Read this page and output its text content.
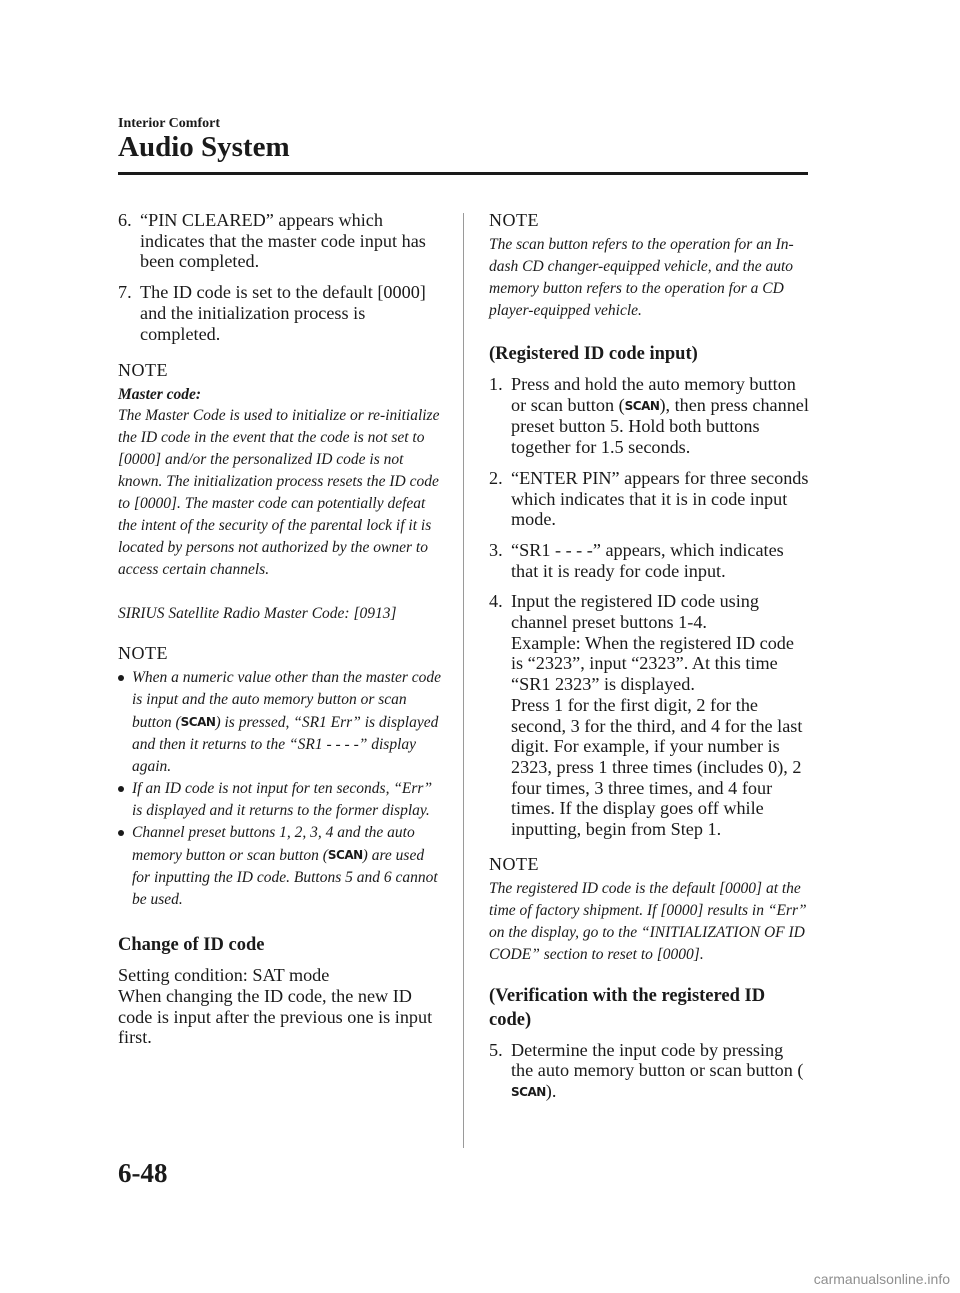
Interior Comfort
Audio System
6. “PIN CLEARED” appears which indicates that the master code input has been completed.
7. The ID code is set to the default [0000] and the initialization process is completed.
NOTE
Master code:

The Master Code is used to initialize or re-initialize the ID code in the event that the code is not set to [0000] and/or the personalized ID code is not known. The initialization process resets the ID code to [0000]. The master code can potentially defeat the intent of the security of the parental lock if it is located by persons not authorized by the owner to access certain channels.

SIRIUS Satellite Radio Master Code: [0913]

NOTE
When a numeric value other than the master code is input and the auto memory button or scan button (SCAN) is pressed, “SR1 Err” is displayed and then it returns to the “SR1 - - - -” display again.
If an ID code is not input for ten seconds, “Err” is displayed and it returns to the former display.
Channel preset buttons 1, 2, 3, 4 and the auto memory button or scan button (SCAN) are used for inputting the ID code. Buttons 5 and 6 cannot be used.
Change of ID code

Setting condition: SAT mode

When changing the ID code, the new ID code is input after the previous one is input first.

NOTE

The scan button refers to the operation for an In-dash CD changer-equipped vehicle, and the auto memory button refers to the operation for a CD player-equipped vehicle.

(Registered ID code input)
1. Press and hold the auto memory button or scan button (SCAN), then press channel preset button 5. Hold both buttons together for 1.5 seconds.
2. “ENTER PIN” appears for three seconds which indicates that it is in code input mode.
3. “SR1 - - - -” appears, which indicates that it is ready for code input.
4. Input the registered ID code using channel preset buttons 1-4.
Example: When the registered ID code is “2323”, input “2323”. At this time “SR1 2323” is displayed.
Press 1 for the first digit, 2 for the second, 3 for the third, and 4 for the last digit. For example, if your number is 2323, press 1 three times (includes 0), 2 four times, 3 three times, and 4 four times. If the display goes off while inputting, begin from Step 1.
NOTE

The registered ID code is the default [0000] at the time of factory shipment. If [0000] results in “Err” on the display, go to the “INITIALIZATION OF ID CODE” section to reset to [0000].

(Verification with the registered ID code)
5. Determine the input code by pressing the auto memory button or scan button (SCAN).
6-48
carmanualsonline.info
